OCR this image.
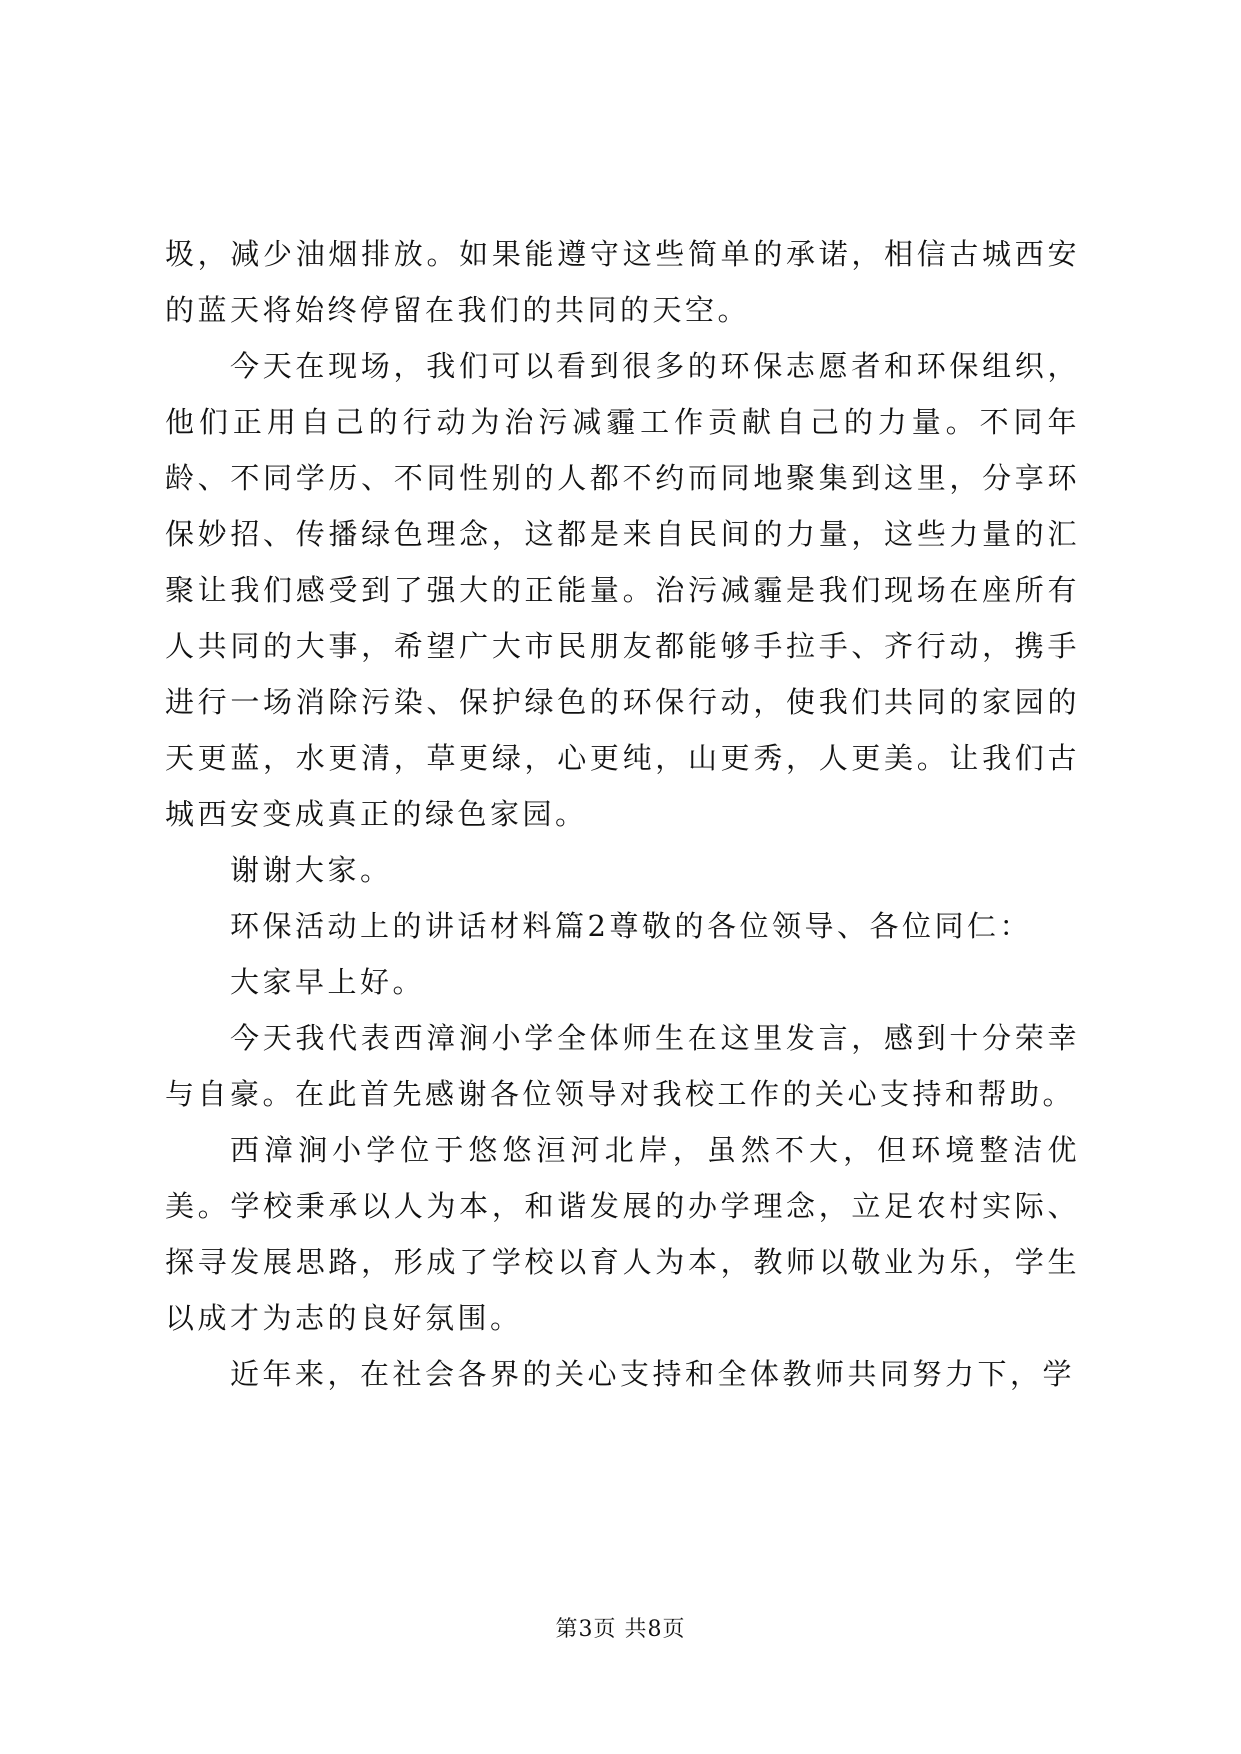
圾，减少油烟排放。如果能遵守这些简单的承诺，相信古城西安的蓝天将始终停留在我们的共同的天空。

今天在现场，我们可以看到很多的环保志愿者和环保组织，他们正用自己的行动为治污减霾工作贡献自己的力量。不同年龄、不同学历、不同性别的人都不约而同地聚集到这里，分享环保妙招、传播绿色理念，这都是来自民间的力量，这些力量的汇聚让我们感受到了强大的正能量。治污减霾是我们现场在座所有人共同的大事，希望广大市民朋友都能够手拉手、齐行动，携手进行一场消除污染、保护绿色的环保行动，使我们共同的家园的天更蓝，水更清，草更绿，心更纯，山更秀，人更美。让我们古城西安变成真正的绿色家园。

谢谢大家。

环保活动上的讲话材料篇2尊敬的各位领导、各位同仁：

大家早上好。

今天我代表西漳涧小学全体师生在这里发言，感到十分荣幸与自豪。在此首先感谢各位领导对我校工作的关心支持和帮助。

西漳涧小学位于悠悠洹河北岸，虽然不大，但环境整洁优美。学校秉承以人为本，和谐发展的办学理念，立足农村实际、探寻发展思路，形成了学校以育人为本，教师以敬业为乐，学生以成才为志的良好氛围。

近年来，在社会各界的关心支持和全体教师共同努力下，学

第3页 共8页
